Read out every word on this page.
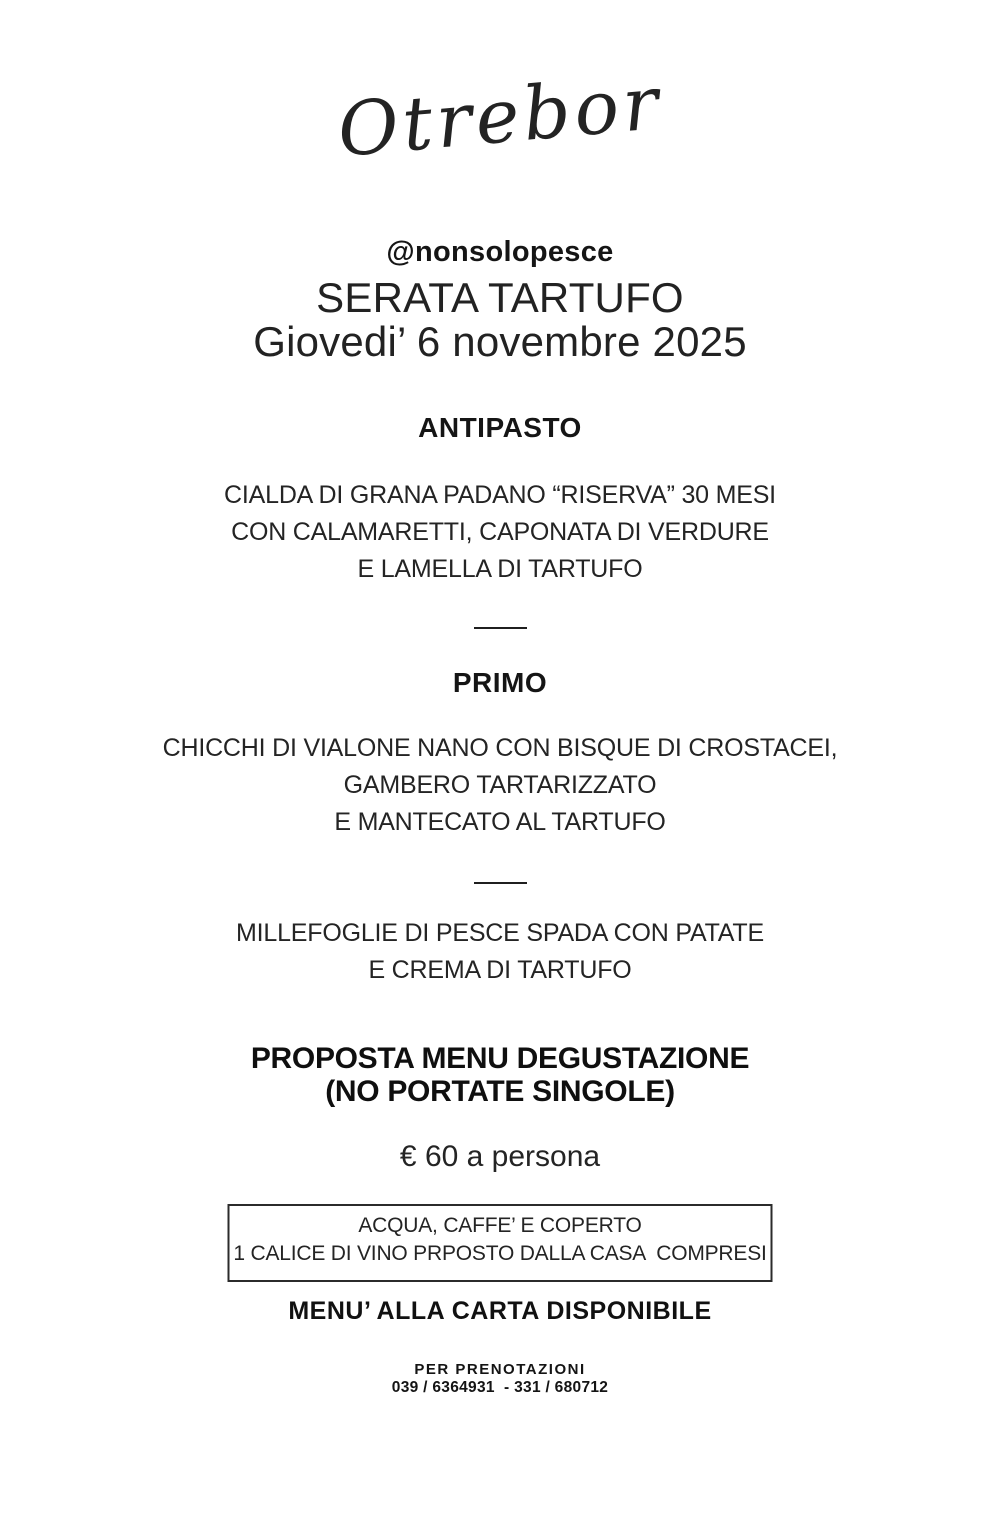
Otrebor
@nonsolopesce
SERATA TARTUFO
Giovedi’ 6 novembre 2025
ANTIPASTO
CIALDA DI GRANA PADANO “RISERVA” 30 MESI
CON CALAMARETTI, CAPONATA DI VERDURE
E LAMELLA DI TARTUFO
PRIMO
CHICCHI DI VIALONE NANO CON BISQUE DI CROSTACEI,
GAMBERO TARTARIZZATO
E MANTECATO AL TARTUFO
MILLEFOGLIE DI PESCE SPADA CON PATATE
E CREMA DI TARTUFO
PROPOSTA MENU DEGUSTAZIONE
(NO PORTATE SINGOLE)
€ 60 a persona
ACQUA, CAFFE’ E COPERTO
1 CALICE DI VINO PRPOSTO DALLA CASA  COMPRESI
MENU’ ALLA CARTA DISPONIBILE
PER PRENOTAZIONI
039 / 6364931  - 331 / 680712
